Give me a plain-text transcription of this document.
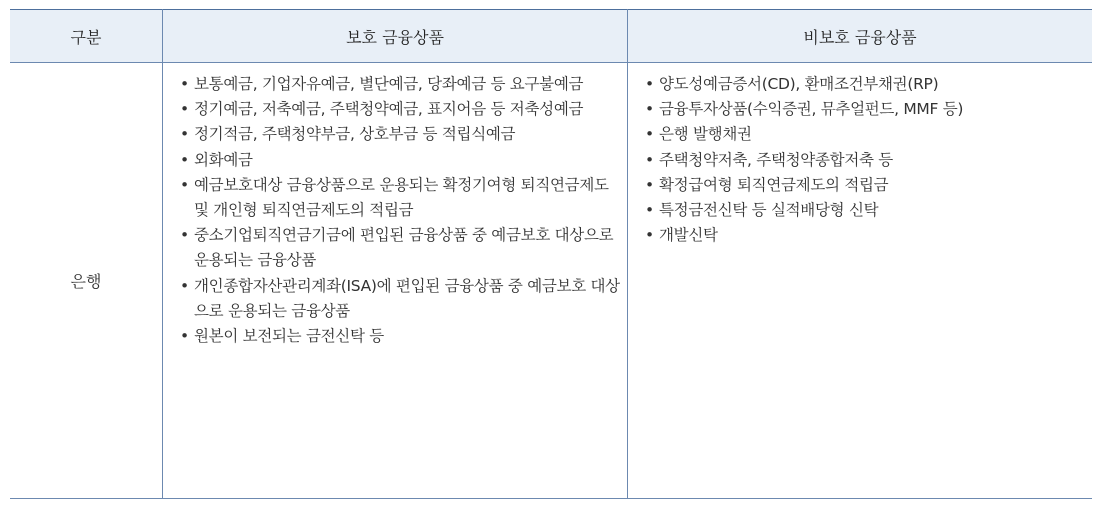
구분	보호 금융상품	비보호 금융상품
은행
• 보통예금, 기업자유예금, 별단예금, 당좌예금 등 요구불예금
• 정기예금, 저축예금, 주택청약예금, 표지어음 등 저축성예금
• 정기적금, 주택청약부금, 상호부금 등 적립식예금
• 외화예금
• 예금보호대상 금융상품으로 운용되는 확정기여형 퇴직연금제도 및 개인형 퇴직연금제도의 적립금
• 중소기업퇴직연금기금에 편입된 금융상품 중 예금보호 대상으로 운용되는 금융상품
• 개인종합자산관리계좌(ISA)에 편입된 금융상품 중 예금보호 대상으로 운용되는 금융상품
• 원본이 보전되는 금전신탁 등
• 양도성예금증서(CD), 환매조건부채권(RP)
• 금융투자상품(수익증권, 뮤추얼펀드, MMF 등)
• 은행 발행채권
• 주택청약저축, 주택청약종합저축 등
• 확정급여형 퇴직연금제도의 적립금
• 특정금전신탁 등 실적배당형 신탁
• 개발신탁
